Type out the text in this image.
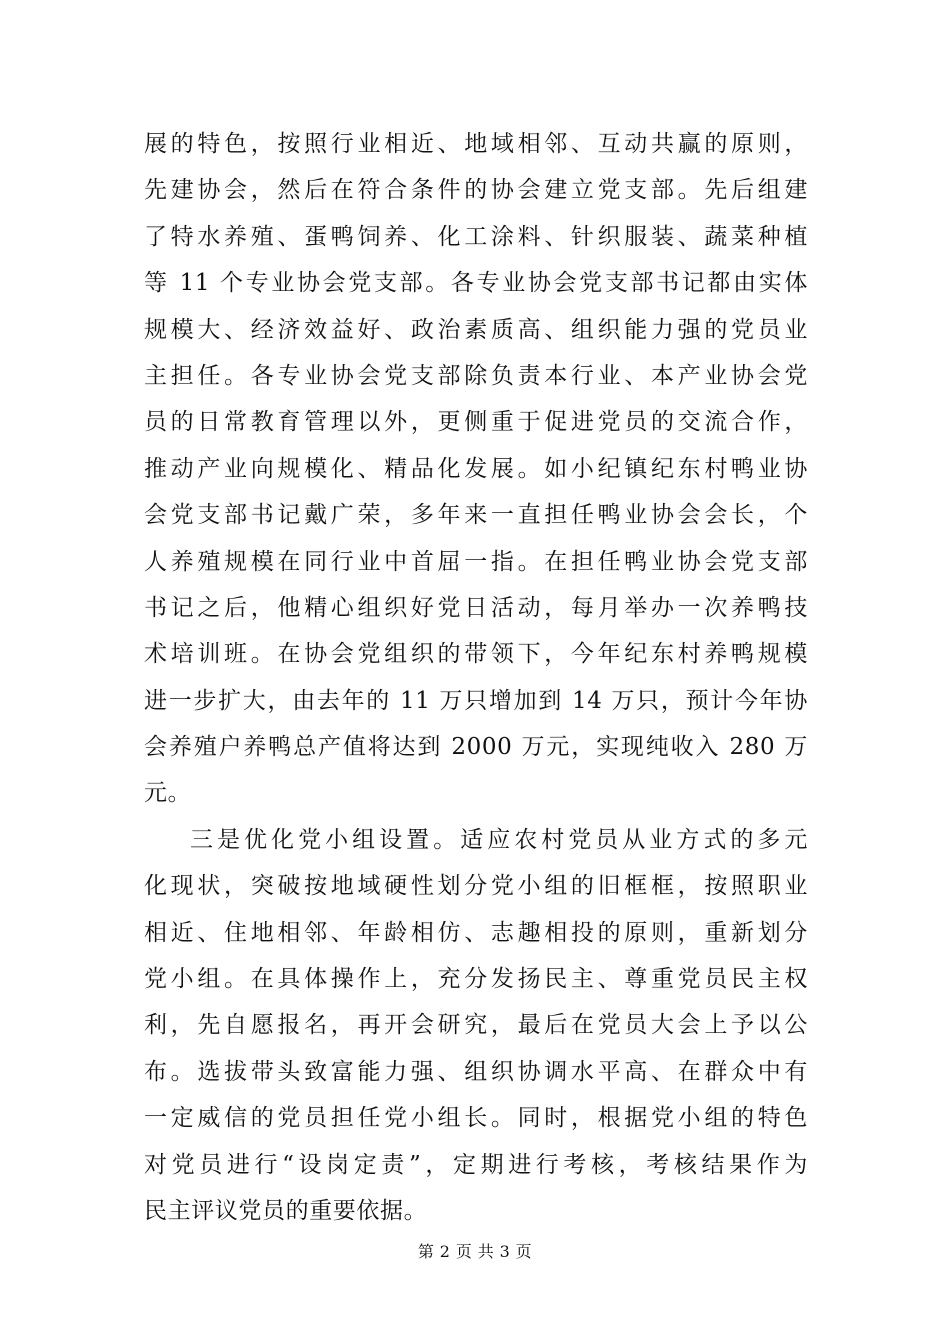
展的特色，按照行业相近、地域相邻、互动共赢的原则，
先建协会，然后在符合条件的协会建立党支部。先后组建
了特水养殖、蛋鸭饲养、化工涂料、针织服装、蔬菜种植
等 11 个专业协会党支部。各专业协会党支部书记都由实体
规模大、经济效益好、政治素质高、组织能力强的党员业
主担任。各专业协会党支部除负责本行业、本产业协会党
员的日常教育管理以外，更侧重于促进党员的交流合作，
推动产业向规模化、精品化发展。如小纪镇纪东村鸭业协
会党支部书记戴广荣，多年来一直担任鸭业协会会长，个
人养殖规模在同行业中首屈一指。在担任鸭业协会党支部
书记之后，他精心组织好党日活动，每月举办一次养鸭技
术培训班。在协会党组织的带领下，今年纪东村养鸭规模
进一步扩大，由去年的 11 万只增加到 14 万只，预计今年协
会养殖户养鸭总产值将达到 2000 万元，实现纯收入 280 万
元。
三是优化党小组设置。适应农村党员从业方式的多元
化现状，突破按地域硬性划分党小组的旧框框，按照职业
相近、住地相邻、年龄相仿、志趣相投的原则，重新划分
党小组。在具体操作上，充分发扬民主、尊重党员民主权
利，先自愿报名，再开会研究，最后在党员大会上予以公
布。选拔带头致富能力强、组织协调水平高、在群众中有
一定威信的党员担任党小组长。同时，根据党小组的特色
对党员进行“设岗定责”，定期进行考核，考核结果作为
民主评议党员的重要依据。
第 2 页 共 3 页
